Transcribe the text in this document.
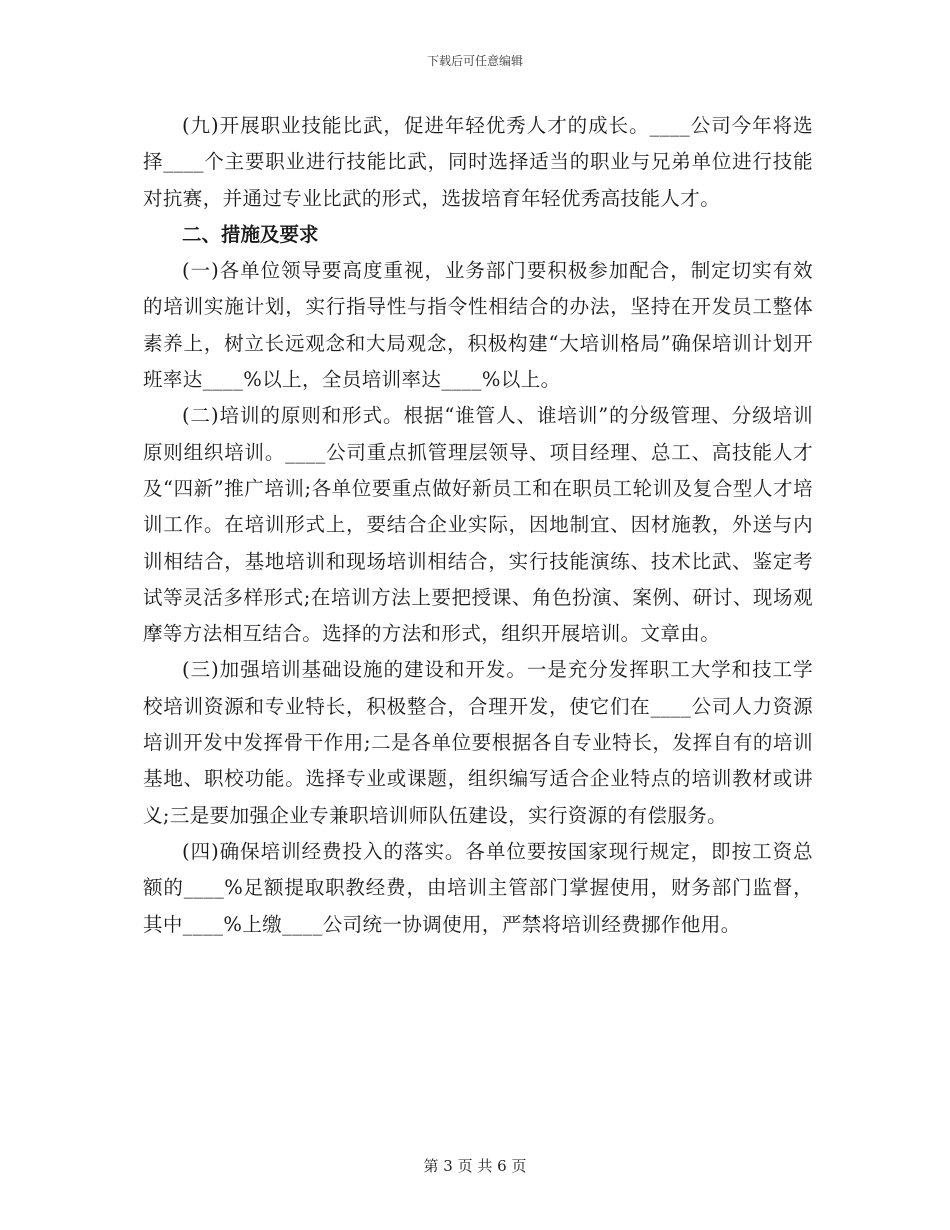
下载后可任意编辑

(九)开展职业技能比武，促进年轻优秀人才的成长。____公司今年将选择____个主要职业进行技能比武，同时选择适当的职业与兄弟单位进行技能对抗赛，并通过专业比武的形式，选拔培育年轻优秀高技能人才。

二、措施及要求

(一)各单位领导要高度重视，业务部门要积极参加配合，制定切实有效的培训实施计划，实行指导性与指令性相结合的办法，坚持在开发员工整体素养上，树立长远观念和大局观念，积极构建“大培训格局”确保培训计划开班率达____%以上，全员培训率达____%以上。

(二)培训的原则和形式。根据“谁管人、谁培训”的分级管理、分级培训原则组织培训。____公司重点抓管理层领导、项目经理、总工、高技能人才及“四新”推广培训;各单位要重点做好新员工和在职员工轮训及复合型人才培训工作。在培训形式上，要结合企业实际，因地制宜、因材施教，外送与内训相结合，基地培训和现场培训相结合，实行技能演练、技术比武、鉴定考试等灵活多样形式;在培训方法上要把授课、角色扮演、案例、研讨、现场观摩等方法相互结合。选择的方法和形式，组织开展培训。文章由。

(三)加强培训基础设施的建设和开发。一是充分发挥职工大学和技工学校培训资源和专业特长，积极整合，合理开发，使它们在____公司人力资源培训开发中发挥骨干作用;二是各单位要根据各自专业特长，发挥自有的培训基地、职校功能。选择专业或课题，组织编写适合企业特点的培训教材或讲义;三是要加强企业专兼职培训师队伍建设，实行资源的有偿服务。

(四)确保培训经费投入的落实。各单位要按国家现行规定，即按工资总额的____%足额提取职教经费，由培训主管部门掌握使用，财务部门监督，其中____%上缴____公司统一协调使用，严禁将培训经费挪作他用。

第 3 页 共 6 页
